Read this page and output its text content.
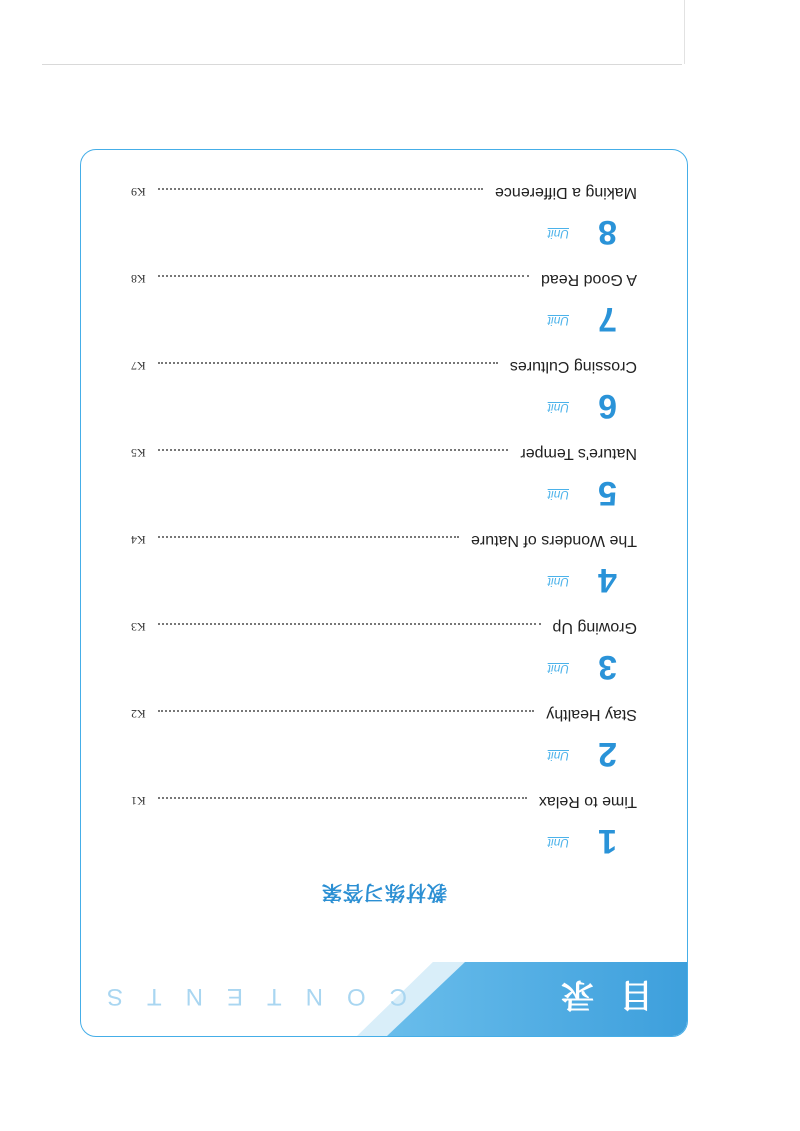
目录
CONTENTS
教材练习答案
1
Unit
Time to Relax
K1
2
Unit
Stay Healthy
K2
3
Unit
Growing Up
K3
4
Unit
The Wonders of Nature
K4
5
Unit
Nature's Temper
K5
6
Unit
Crossing Cultures
K7
7
Unit
A Good Read
K8
8
Unit
Making a Difference
K9
